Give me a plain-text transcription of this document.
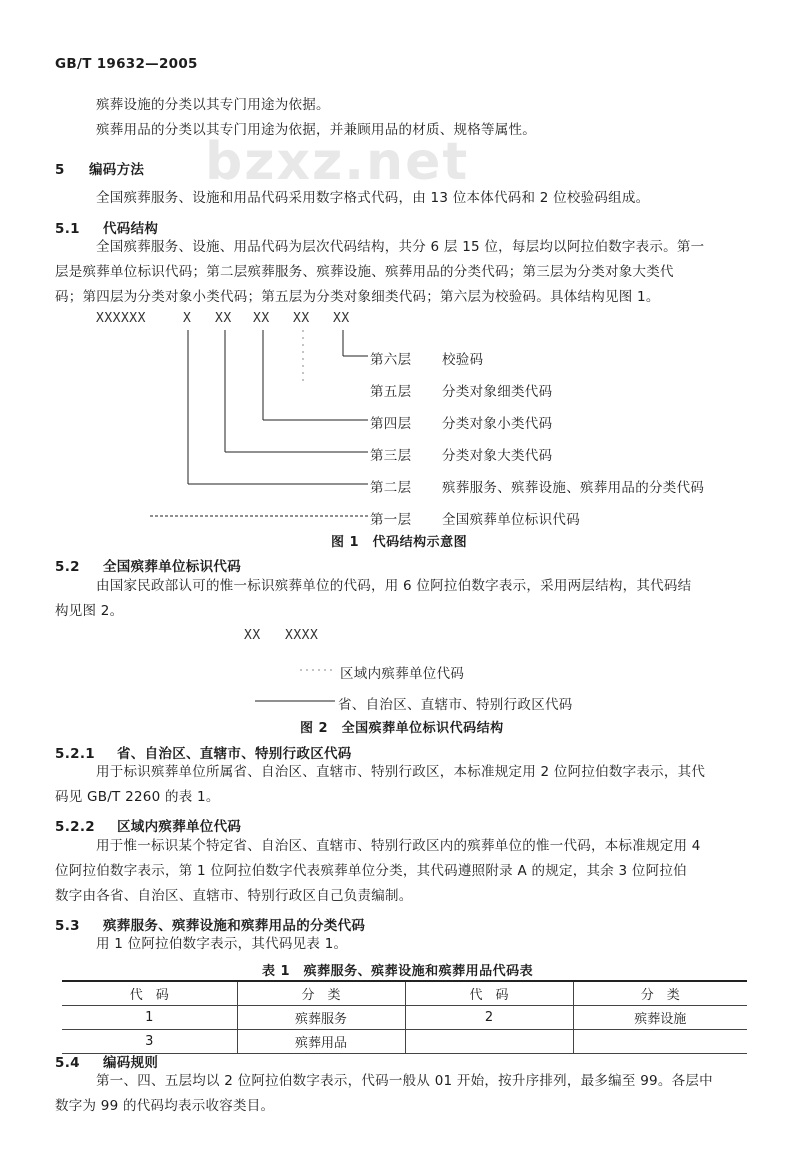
GB/T 19632—2005
bzxz.net
殡葬设施的分类以其专门用途为依据。
殡葬用品的分类以其专门用途为依据，并兼顾用品的材质、规格等属性。
5 编码方法
全国殡葬服务、设施和用品代码采用数字格式代码，由 13 位本体代码和 2 位校验码组成。
5.1 代码结构
全国殡葬服务、设施、用品代码为层次代码结构，共分 6 层 15 位，每层均以阿拉伯数字表示。第一
层是殡葬单位标识代码；第二层殡葬服务、殡葬设施、殡葬用品的分类代码；第三层为分类对象大类代
码；第四层为分类对象小类代码；第五层为分类对象细类代码；第六层为校验码。具体结构见图 1。
XXXXXX	X XX XX XX XX
第六层 校验码
第五层 分类对象细类代码
第四层 分类对象小类代码
第三层 分类对象大类代码
第二层 殡葬服务、殡葬设施、殡葬用品的分类代码
第一层 全国殡葬单位标识代码
图 1　代码结构示意图
5.2 全国殡葬单位标识代码
由国家民政部认可的惟一标识殡葬单位的代码，用 6 位阿拉伯数字表示，采用两层结构，其代码结
构见图 2。
XX XXXX
区域内殡葬单位代码
省、自治区、直辖市、特别行政区代码
图 2　全国殡葬单位标识代码结构
5.2.1 省、自治区、直辖市、特别行政区代码
用于标识殡葬单位所属省、自治区、直辖市、特别行政区，本标准规定用 2 位阿拉伯数字表示，其代
码见 GB/T 2260 的表 1。
5.2.2 区域内殡葬单位代码
用于惟一标识某个特定省、自治区、直辖市、特别行政区内的殡葬单位的惟一代码，本标准规定用 4
位阿拉伯数字表示，第 1 位阿拉伯数字代表殡葬单位分类，其代码遵照附录 A 的规定，其余 3 位阿拉伯
数字由各省、自治区、直辖市、特别行政区自己负责编制。
5.3 殡葬服务、殡葬设施和殡葬用品的分类代码
用 1 位阿拉伯数字表示，其代码见表 1。
表 1　殡葬服务、殡葬设施和殡葬用品代码表
代　码	分　类	代　码	分　类
1	殡葬服务	2	殡葬设施
3	殡葬用品		
5.4 编码规则
第一、四、五层均以 2 位阿拉伯数字表示，代码一般从 01 开始，按升序排列，最多编至 99。各层中
数字为 99 的代码均表示收容类目。
